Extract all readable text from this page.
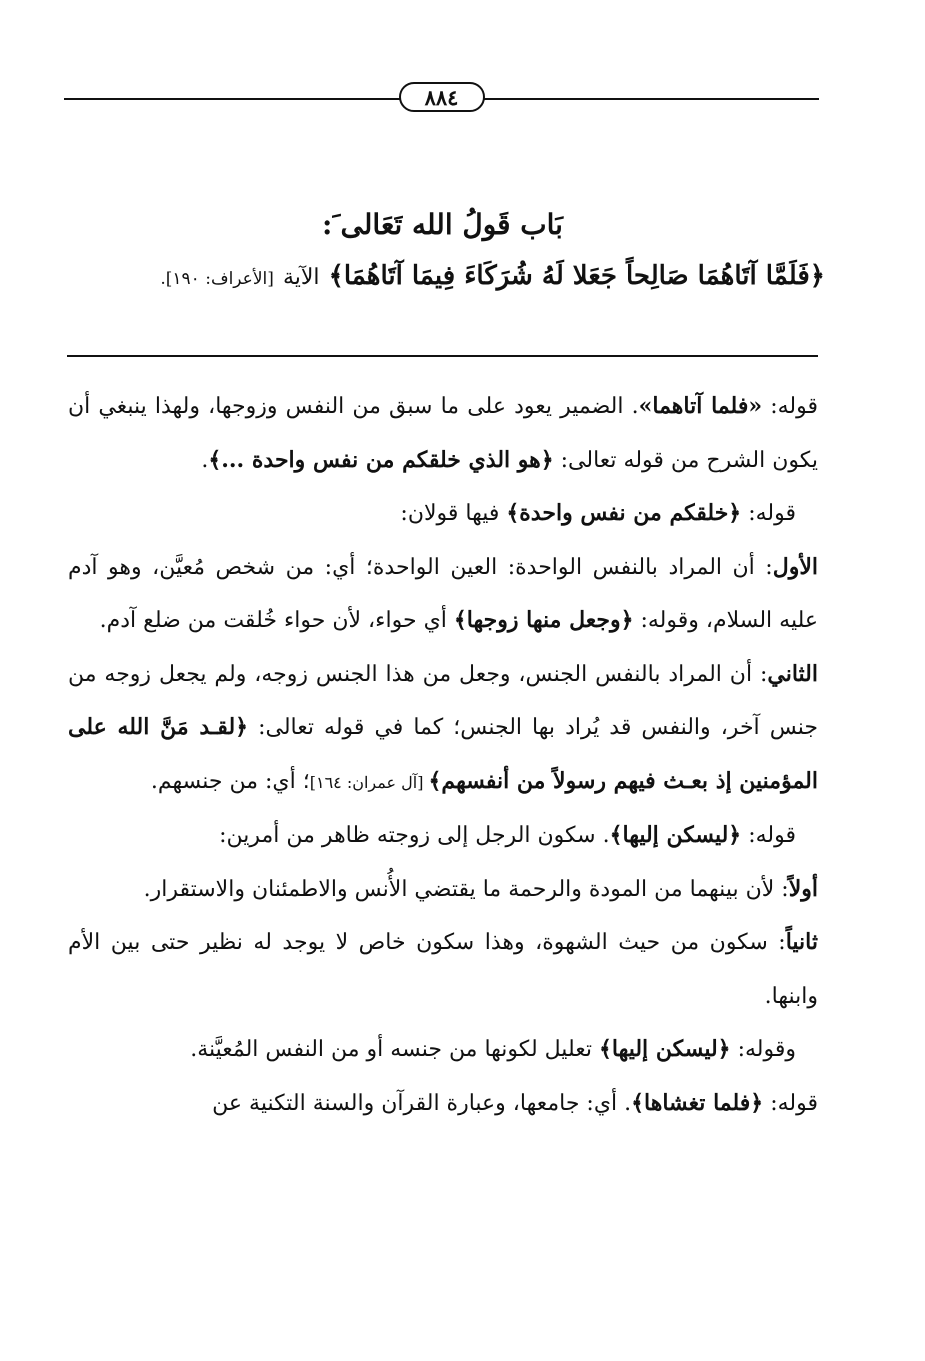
٨٨٤
بَاب قَولُ الله تَعَالى َ:
﴿فَلَمَّا آتَاهُمَا صَالِحاً جَعَلا لَهُ شُرَكَاءَ فِيمَا آتَاهُمَا﴾ الآية [الأعراف: ١٩٠].

قوله: «فلما آتاهما». الضمير يعود على ما سبق من النفس وزوجها، ولهذا ينبغي أن يكون الشرح من قوله تعالى: ﴿هو الذي خلقكم من نفس واحدة ...﴾.

قوله: ﴿خلقكم من نفس واحدة﴾ فيها قولان:

الأول: أن المراد بالنفس الواحدة: العين الواحدة؛ أي: من شخص مُعيَّن، وهو آدم عليه السلام، وقوله: ﴿وجعل منها زوجها﴾ أي حواء، لأن حواء خُلقت من ضلع آدم.

الثاني: أن المراد بالنفس الجنس، وجعل من هذا الجنس زوجه، ولم يجعل زوجه من جنس آخر، والنفس قد يُراد بها الجنس؛ كما في قوله تعالى: ﴿لقـد مَنَّ الله على المؤمنين إذ بعـث فيهم رسولاً من أنفسهم﴾ [آل عمران: ١٦٤]؛ أي: من جنسهم.

قوله: ﴿ليسكن إليها﴾. سكون الرجل إلى زوجته ظاهر من أمرين:

أولاً: لأن بينهما من المودة والرحمة ما يقتضي الأُنس والاطمئنان والاستقرار.

ثانياً: سكون من حيث الشهوة، وهذا سكون خاص لا يوجد له نظير حتى بين الأم وابنها.

وقوله: ﴿ليسكن إليها﴾ تعليل لكونها من جنسه أو من النفس المُعيَّنة.

قوله: ﴿فلما تغشاها﴾. أي: جامعها، وعبارة القرآن والسنة التكنية عن
